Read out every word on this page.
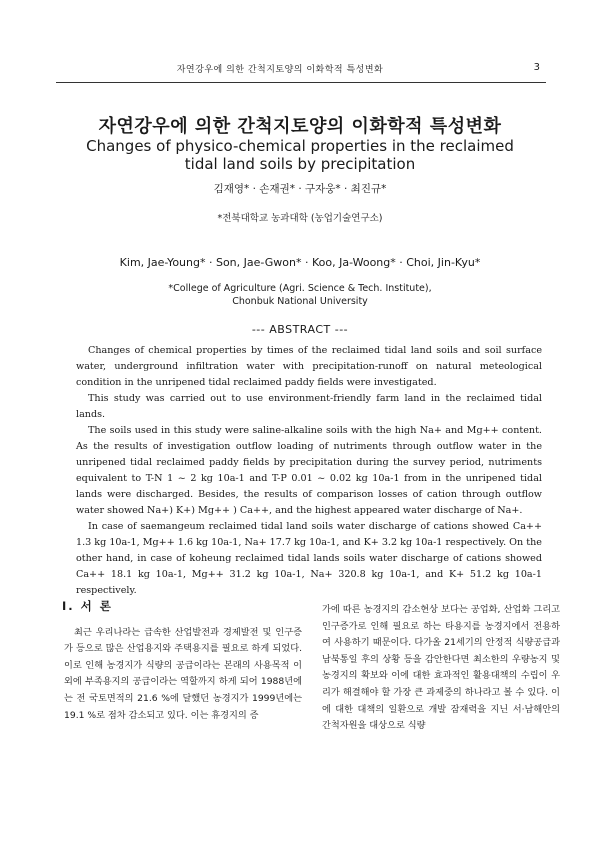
자연강우에 의한 간척지토양의 이화학적 특성변화	3
자연강우에 의한 간척지토양의 이화학적 특성변화
Changes of physico-chemical properties in the reclaimed
tidal land soils by precipitation
김재영* · 손재권* · 구자웅* · 최진규*
*전북대학교 농과대학 (농업기술연구소)
Kim, Jae-Young* · Son, Jae-Gwon* · Koo, Ja-Woong* · Choi, Jin-Kyu*
*College of Agriculture (Agri. Science & Tech. Institute),
Chonbuk National University
--- ABSTRACT ---

Changes of chemical properties by times of the reclaimed tidal land soils and soil surface water, underground infiltration water with precipitation-runoff on natural meteological condition in the unripened tidal reclaimed paddy fields were investigated.

This study was carried out to use environment-friendly farm land in the reclaimed tidal lands.

The soils used in this study were saline-alkaline soils with the high Na+ and Mg++ content. As the results of investigation outflow loading of nutriments through outflow water in the unripened tidal reclaimed paddy fields by precipitation during the survey period, nutriments equivalent to T-N 1 ~ 2 kg 10a-1 and T-P 0.01 ~ 0.02 kg 10a-1 from in the unripened tidal lands were discharged. Besides, the results of comparison losses of cation through outflow water showed Na+) K+) Mg++ ) Ca++, and the highest appeared water discharge of Na+.

In case of saemangeum reclaimed tidal land soils water discharge of cations showed Ca++ 1.3 kg 10a-1, Mg++ 1.6 kg 10a-1, Na+ 17.7 kg 10a-1, and K+ 3.2 kg 10a-1 respectively. On the other hand, in case of koheung reclaimed tidal lands soils water discharge of cations showed Ca++ 18.1 kg 10a-1, Mg++ 31.2 kg 10a-1, Na+ 320.8 kg 10a-1, and K+ 51.2 kg 10a-1 respectively.

Ⅰ. 서 론

최근 우리나라는 급속한 산업발전과 경제발전 및 인구증가 등으로 많은 산업용지와 주택용지를 필요로 하게 되었다. 이로 인해 농경지가 식량의 공급이라는 본래의 사용목적 이외에 부족용지의 공급이라는 역할까지 하게 되어 1988년에는 전 국토면적의 21.6 %에 달했던 농경지가 1999년에는 19.1 %로 점차 감소되고 있다. 이는 휴경지의 증

가에 따른 농경지의 감소현상 보다는 공업화, 산업화 그리고 인구증가로 인해 필요로 하는 타용지를 농경지에서 전용하여 사용하기 때문이다. 다가올 21세기의 안정적 식량공급과 남북통일 후의 상황 등을 감안한다면 최소한의 우량농지 및 농경지의 확보와 이에 대한 효과적인 활용대책의 수립이 우리가 해결해야 할 가장 큰 과제중의 하나라고 볼 수 있다. 이에 대한 대책의 일환으로 개발 잠재력을 지닌 서·남해안의 간척자원을 대상으로 식량
